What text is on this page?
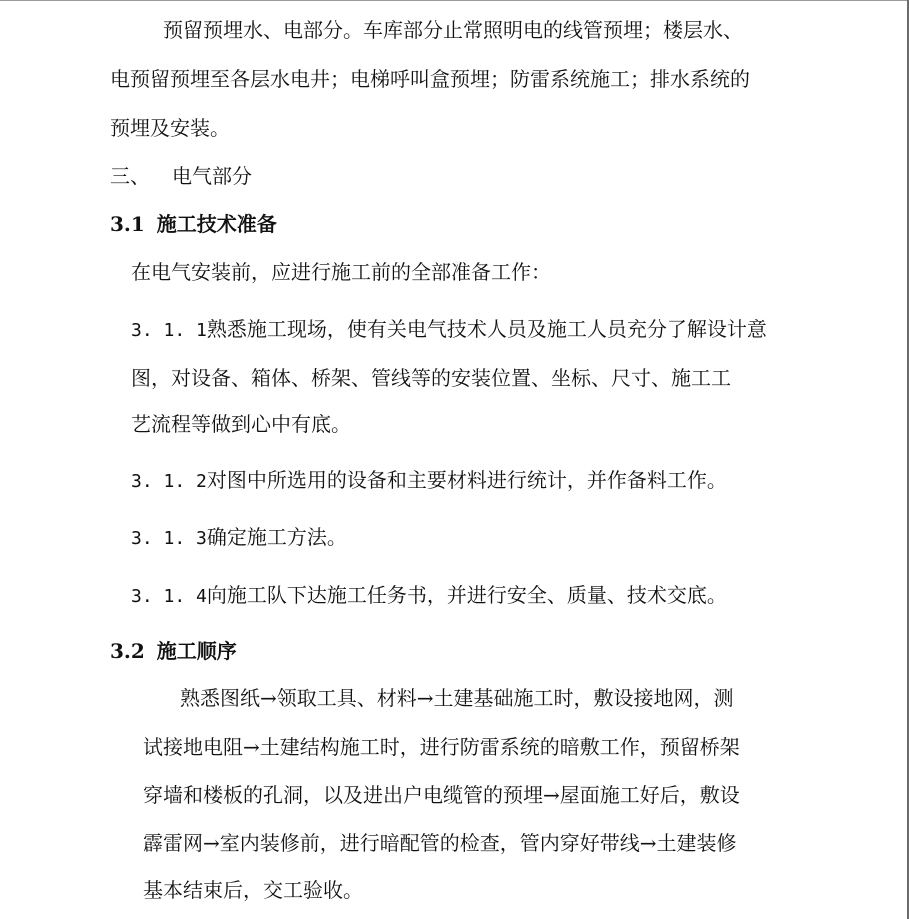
预留预埋水、电部分。车库部分止常照明电的线管预埋；楼层水、
电预留预埋至各层水电井；电梯呼叫盒预埋；防雷系统施工；排水系统的
预埋及安装。
三、 电气部分
3.1 施工技术准备
在电气安装前，应进行施工前的全部准备工作：
3. 1. 1熟悉施工现场，使有关电气技术人员及施工人员充分了解设计意
图，对设备、箱体、桥架、管线等的安装位置、坐标、尺寸、施工工
艺流程等做到心中有底。
3. 1. 2对图中所选用的设备和主要材料进行统计，并作备料工作。
3. 1. 3确定施工方法。
3. 1. 4向施工队下达施工任务书，并进行安全、质量、技术交底。
3.2 施工顺序
熟悉图纸→领取工具、材料→土建基础施工时，敷设接地网，测
试接地电阻→土建结构施工时，进行防雷系统的暗敷工作，预留桥架
穿墙和楼板的孔洞，以及进出户电缆管的预埋→屋面施工好后，敷设
霹雷网→室内装修前，进行暗配管的检查，管内穿好带线→土建装修
基本结束后，交工验收。
